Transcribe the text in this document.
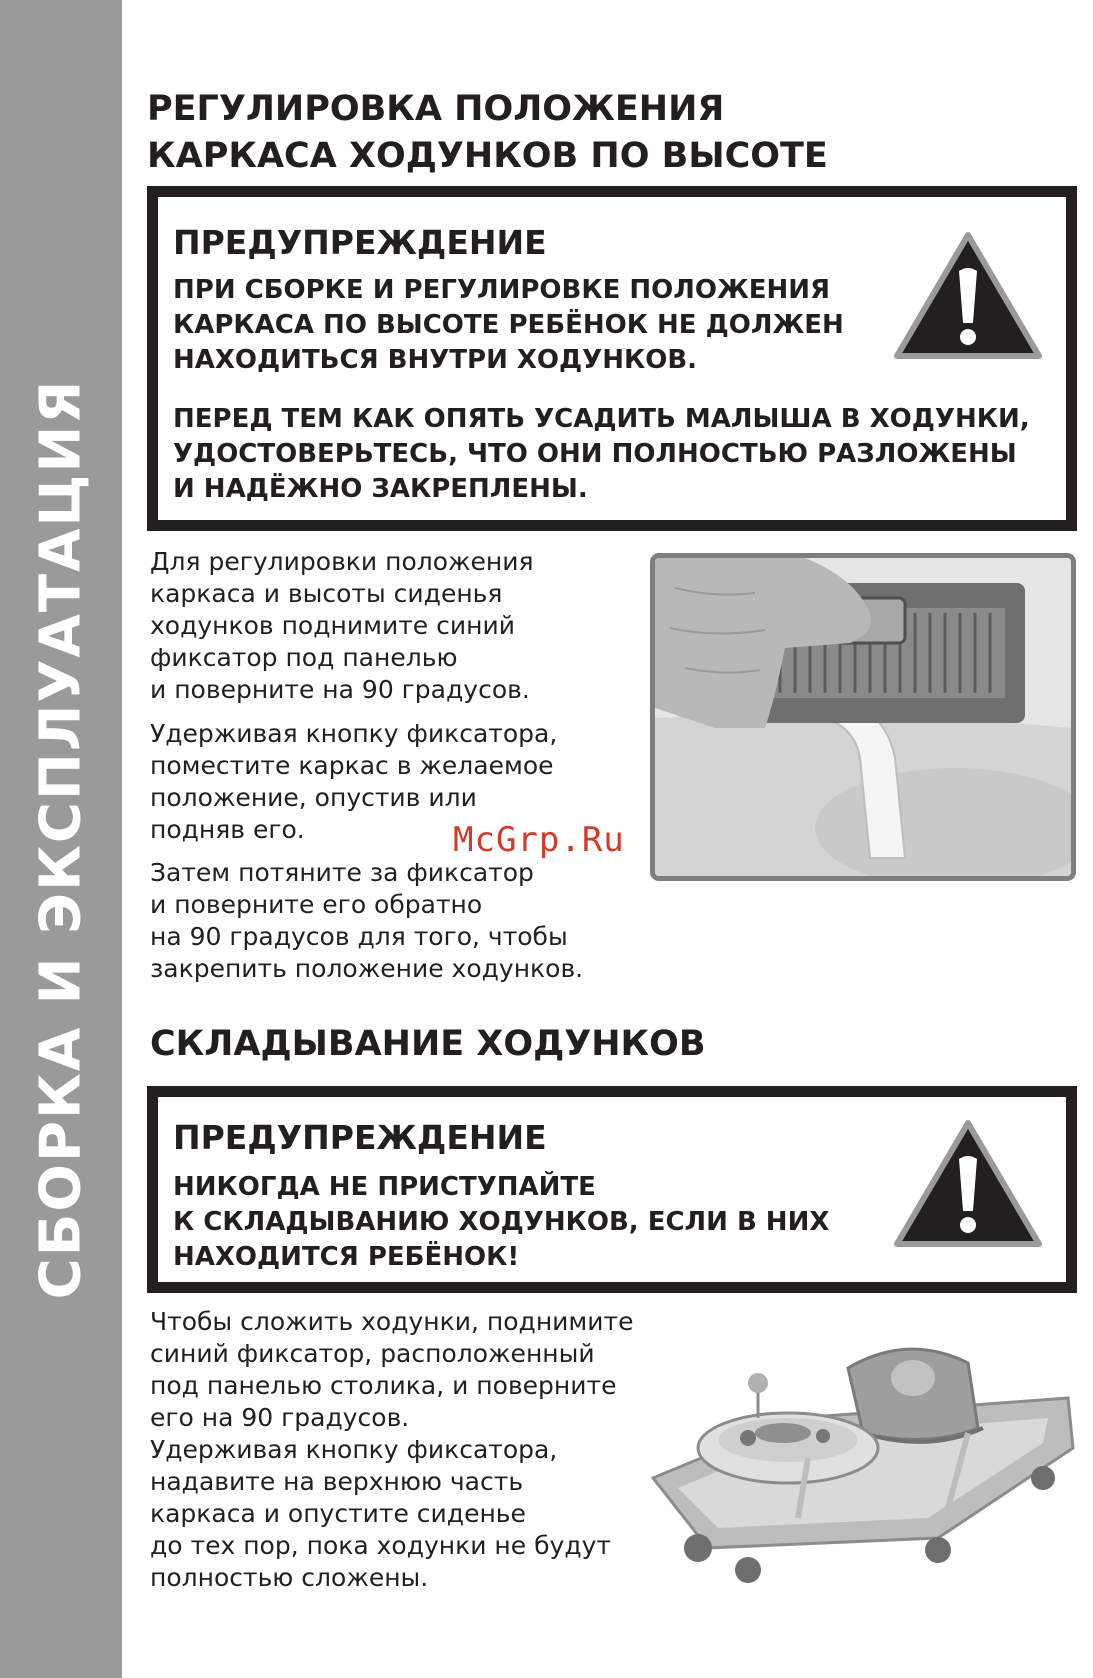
СБОРКА И ЭКСПЛУАТАЦИЯ
РЕГУЛИРОВКА ПОЛОЖЕНИЯ
КАРКАСА ХОДУНКОВ ПО ВЫСОТЕ
ПРЕДУПРЕЖДЕНИЕ
ПРИ СБОРКЕ И РЕГУЛИРОВКЕ ПОЛОЖЕНИЯ
КАРКАСА ПО ВЫСОТЕ РЕБЁНОК НЕ ДОЛЖЕН
НАХОДИТЬСЯ ВНУТРИ ХОДУНКОВ.
ПЕРЕД ТЕМ КАК ОПЯТЬ УСАДИТЬ МАЛЫША В ХОДУНКИ,
УДОСТОВЕРЬТЕСЬ, ЧТО ОНИ ПОЛНОСТЬЮ РАЗЛОЖЕНЫ
И НАДЁЖНО ЗАКРЕПЛЕНЫ.
Для регулировки положения
каркаса и высоты сиденья
ходунков поднимите синий
фиксатор под панелью
и поверните на 90 градусов.
Удерживая кнопку фиксатора,
поместите каркас в желаемое
положение, опустив или
подняв его.
Затем потяните за фиксатор
и поверните его обратно
на 90 градусов для того, чтобы
закрепить положение ходунков.
McGrp.Ru
СКЛАДЫВАНИЕ ХОДУНКОВ
ПРЕДУПРЕЖДЕНИЕ
НИКОГДА НЕ ПРИСТУПАЙТЕ
К СКЛАДЫВАНИЮ ХОДУНКОВ, ЕСЛИ В НИХ
НАХОДИТСЯ РЕБЁНОК!
Чтобы сложить ходунки, поднимите
синий фиксатор, расположенный
под панелью столика, и поверните
его на 90 градусов.
Удерживая кнопку фиксатора,
надавите на верхнюю часть
каркаса и опустите сиденье
до тех пор, пока ходунки не будут
полностью сложены.
